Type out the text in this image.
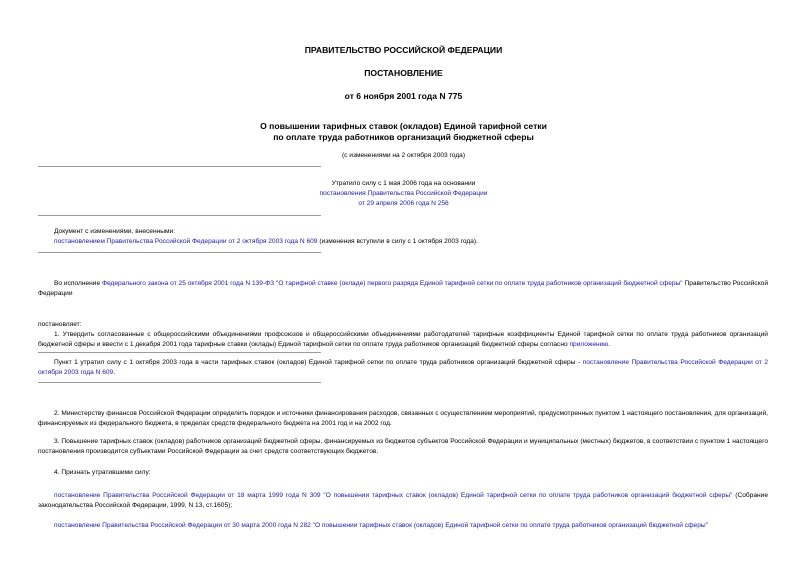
ПРАВИТЕЛЬСТВО РОССИЙСКОЙ ФЕДЕРАЦИИ
ПОСТАНОВЛЕНИЕ
от 6 ноября 2001 года N 775
О повышении тарифных ставок (окладов) Единой тарифной сетки
по оплате труда работников организаций бюджетной сферы
(с изменениями на 2 октября 2003 года)
Утратило силу с 1 мая 2006 года на основании
постановления Правительства Российской Федерации
от 29 апреля 2006 года N 256
Документ с изменениями, внесенными:
постановлением Правительства Российской Федерации от 2 октября 2003 года N 609 (изменения вступили в силу с 1 октября 2003 года).
Во исполнение Федерального закона от 25 октября 2001 года N 139-ФЗ "О тарифной ставке (окладе) первого разряда Единой тарифной сетки по оплате труда работников организаций бюджетной сферы" Правительство Российской Федерации
постановляет:
1. Утвердить согласованные с общероссийскими объединениями профсоюзов и общероссийскими объединениями работодателей тарифные коэффициенты Единой тарифной сетки по оплате труда работников организаций бюджетной сферы и ввести с 1 декабря 2001 года тарифные ставки (оклады) Единой тарифной сетки по оплате труда работников организаций бюджетной сферы согласно приложению.
Пункт 1 утратил силу с 1 октября 2003 года в части тарифных ставок (окладов) Единой тарифной сетки по оплате труда работников организаций бюджетной сферы - постановление Правительства Российской Федерации от 2 октября 2003 года N 609.
2. Министерству финансов Российской Федерации определить порядок и источники финансирования расходов, связанных с осуществлением мероприятий, предусмотренных пунктом 1 настоящего постановления, для организаций, финансируемых из федерального бюджета, в пределах средств федерального бюджета на 2001 год и на 2002 год.
3. Повышение тарифных ставок (окладов) работников организаций бюджетной сферы, финансируемых из бюджетов субъектов Российской Федерации и муниципальных (местных) бюджетов, в соответствии с пунктом 1 настоящего постановления производится субъектами Российской Федерации за счет средств соответствующих бюджетов.
4. Признать утратившими силу:
постановление Правительства Российской Федерации от 18 марта 1999 года N 309 "О повышении тарифных ставок (окладов) Единой тарифной сетки по оплате труда работников организаций бюджетной сферы" (Собрание законодательства Российской Федерации, 1999, N 13, ст.1605);
постановление Правительства Российской Федерации от 30 марта 2000 года N 282 "О повышении тарифных ставок (окладов) Единой тарифной сетки по оплате труда работников организаций бюджетной сферы"
